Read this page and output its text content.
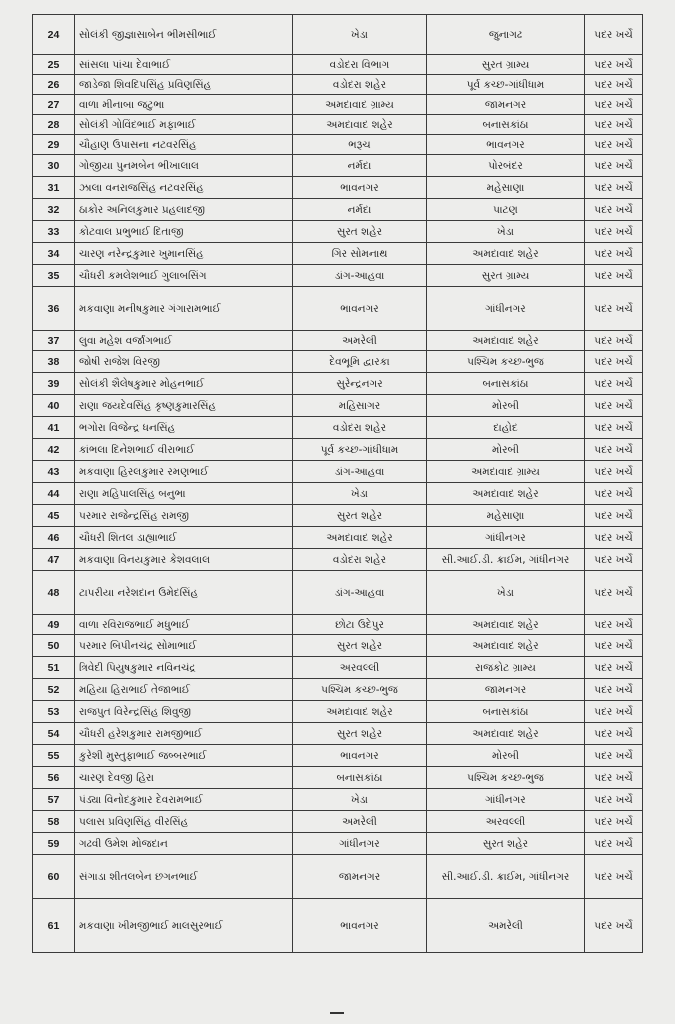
24	સોલંકી જીજ્ઞાસાબેન ભીમસીભાઈ	ખેડા	જુનાગઢ	પદર ખર્ચે
25	સાંસલા પાંચા દેવાભાઈ	વડોદરા વિભાગ	સુરત ગ્રામ્ય	પદર ખર્ચે
26	જાડેજા શિવદિપસિંહ પ્રવિણસિંહ	વડોદરા શહેર	પૂર્વ કચ્છ-ગાંધીધામ	પદર ખર્ચે
27	વાળા મીનાબા જટુભા	અમદાવાદ ગ્રામ્ય	જામનગર	પદર ખર્ચે
28	સોલંકી ગોવિંદભાઈ મફાભાઈ	અમદાવાદ શહેર	બનાસકાંઠા	પદર ખર્ચે
29	ચૌહાણ ઉપાસના નટવરસિંહ	ભરૂચ	ભાવનગર	પદર ખર્ચે
30	ગોજીયા પુનમબેન ભીખાલાલ	નર્મદા	પોરબંદર	પદર ખર્ચે
31	ઝાલા વનરાજસિંહ નટવરસિંહ	ભાવનગર	મહેસાણા	પદર ખર્ચે
32	ઠાકોર અનિલકુમાર પ્રહલાદજી	નર્મદા	પાટણ	પદર ખર્ચે
33	કોટવાલ પ્રભુભાઈ દિતાજી	સુરત શહેર	ખેડા	પદર ખર્ચે
34	ચારણ નરેન્દ્રકુમાર ખુમાનસિંહ	ગિર સોમનાથ	અમદાવાદ શહેર	પદર ખર્ચે
35	ચૌધરી કમલેશભાઈ ગુલાબસિંગ	ડાંગ-આહવા	સુરત ગ્રામ્ય	પદર ખર્ચે
36	મકવાણા મનીષકુમાર ગંગારામભાઈ	ભાવનગર	ગાંધીનગર	પદર ખર્ચે
37	લુવા મહેશ વર્જાંગભાઈ	અમરેલી	અમદાવાદ શહેર	પદર ખર્ચે
38	જોષી રાજેશ વિરજી	દેવભૂમિ દ્વારકા	પશ્ચિમ કચ્છ-ભુજ	પદર ખર્ચે
39	સોલંકી શૈલેષકુમાર મોહનભાઈ	સુરેન્દ્રનગર	બનાસકાંઠા	પદર ખર્ચે
40	રાણા જયદેવસિંહ કૃષ્ણકુમારસિંહ	મહિસાગર	મોરબી	પદર ખર્ચે
41	ભગોરા વિજેન્દ્ર ધનસિંહ	વડોદરા શહેર	દાહોદ	પદર ખર્ચે
42	કાંભલા દિનેશભાઈ વીરાભાઈ	પૂર્વ કચ્છ-ગાંધીધામ	મોરબી	પદર ખર્ચે
43	મકવાણા હિરલકુમાર રમણભાઈ	ડાંગ-આહવા	અમદાવાદ ગ્રામ્ય	પદર ખર્ચે
44	રાણા મહિપાલસિંહ બનુભા	ખેડા	અમદાવાદ શહેર	પદર ખર્ચે
45	પરમાર રાજેન્દ્રસિંહ રામજી	સુરત શહેર	મહેસાણા	પદર ખર્ચે
46	ચૌધરી શિતલ ડાહ્યાભાઈ	અમદાવાદ શહેર	ગાંધીનગર	પદર ખર્ચે
47	મકવાણા વિનયકુમાર કેશવલાલ	વડોદરા શહેર	સી.આઈ.ડી. ક્રાઈમ, ગાંધીનગર	પદર ખર્ચે
48	ટાપરીયા નરેશદાન ઉમેદસિંહ	ડાંગ-આહવા	ખેડા	પદર ખર્ચે
49	વાળા રવિરાજભાઈ મધુભાઈ	છોટા ઉદેપુર	અમદાવાદ શહેર	પદર ખર્ચે
50	પરમાર બિપીનચંદ્ર સોમાભાઈ	સુરત શહેર	અમદાવાદ શહેર	પદર ખર્ચે
51	ત્રિવેદી પિયુષકુમાર નવિનચંદ્ર	અરવલ્લી	રાજકોટ ગ્રામ્ય	પદર ખર્ચે
52	મહિયા હિરાભાઈ તેજાભાઈ	પશ્ચિમ કચ્છ-ભુજ	જામનગર	પદર ખર્ચે
53	રાજપુત વિરેન્દ્રસિંહ શિવુજી	અમદાવાદ શહેર	બનાસકાંઠા	પદર ખર્ચે
54	ચૌધરી હરેશકુમાર રામજીભાઈ	સુરત શહેર	અમદાવાદ શહેર	પદર ખર્ચે
55	કુરેશી મુસ્તુફાભાઈ જબ્બરભાઈ	ભાવનગર	મોરબી	પદર ખર્ચે
56	ચારણ દેવજી હિરા	બનાસકાંઠા	પશ્ચિમ કચ્છ-ભુજ	પદર ખર્ચે
57	પંડ્યા વિનોદકુમાર દેવરામભાઈ	ખેડા	ગાંધીનગર	પદર ખર્ચે
58	પલાસ પ્રવિણસિંહ વીરસિંહ	અમરેલી	અરવલ્લી	પદર ખર્ચે
59	ગઢવી ઉમેશ મોજદાન	ગાંધીનગર	સુરત શહેર	પદર ખર્ચે
60	સંગાડા શીતલબેન છગનભાઈ	જામનગર	સી.આઈ.ડી. ક્રાઈમ, ગાંધીનગર	પદર ખર્ચે
61	મકવાણા ખીમજીભાઈ માલસુરભાઈ	ભાવનગર	અમરેલી	પદર ખર્ચે
